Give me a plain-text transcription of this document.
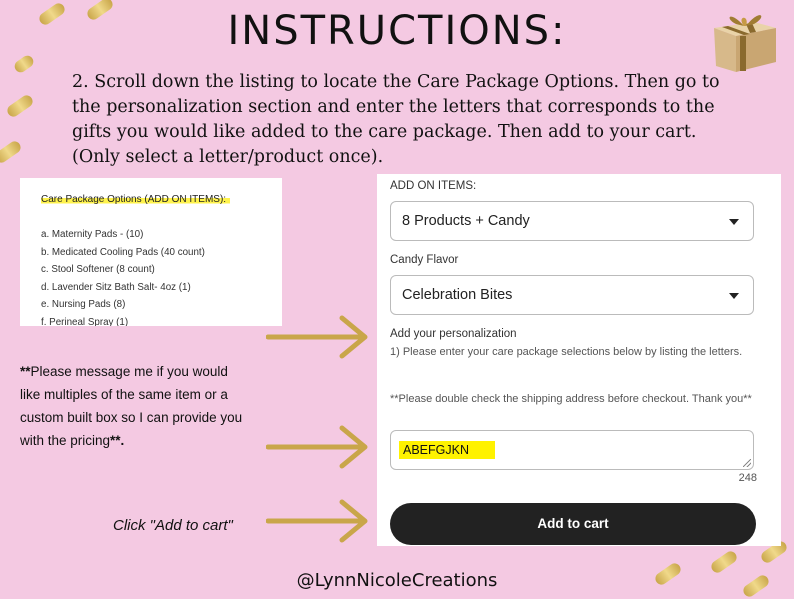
INSTRUCTIONS:
2. Scroll down the listing to locate the Care Package Options. Then go to the personalization section and enter the letters that corresponds to the gifts you would like added to the care package. Then add to your cart. (Only select a letter/product once).
Care Package Options (ADD ON ITEMS):
a. Maternity Pads - (10)
b. Medicated Cooling Pads (40 count)
c. Stool Softener (8 count)
d. Lavender Sitz Bath Salt- 4oz (1)
e. Nursing Pads (8)
f. Perineal Spray (1)
ADD ON ITEMS:
8 Products + Candy
Candy Flavor
Celebration Bites
Add your personalization
1) Please enter your care package selections below by listing the letters.
**Please double check the shipping address before checkout. Thank you**
ABEFGJKN
248
Add to cart
**Please message me if you would like multiples of the same item or a custom built box so I can provide you with the pricing**.
Click "Add to cart"
@LynnNicoleCreations
